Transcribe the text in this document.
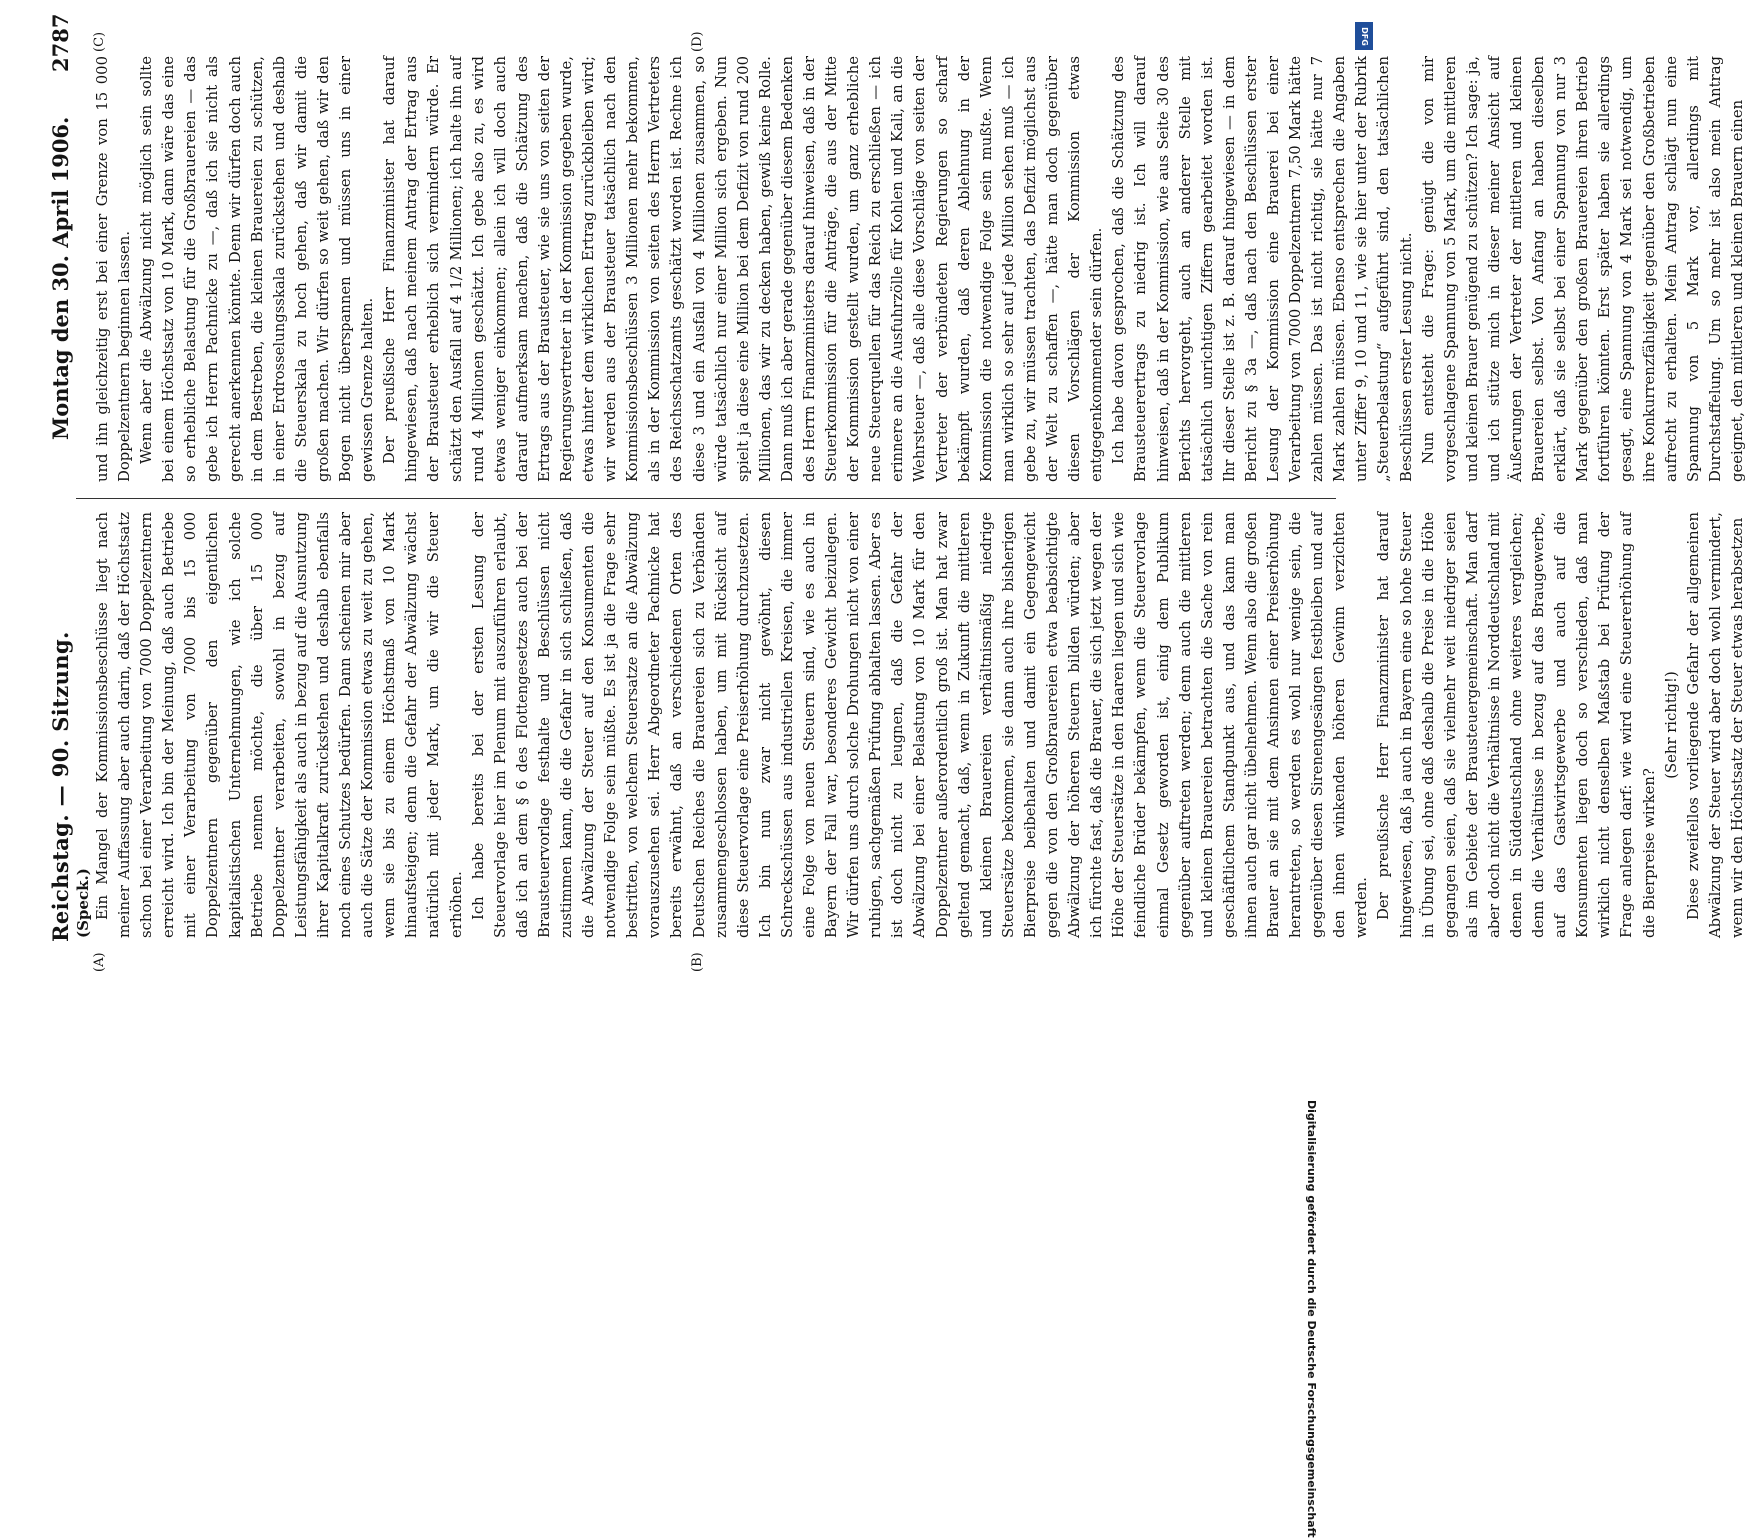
Reichstag. — 90. Sitzung.
Montag den 30. April 1906.
2787
(Speck.)
(A)	(B)
(C)	(D)

Ein Mangel der Kommissionsbeschlüsse liegt nach meiner Auffassung aber auch darin, daß der Höchstsatz schon bei einer Verarbeitung von 7000 Doppelzentnern erreicht wird. Ich bin der Meinung, daß auch Betriebe mit einer Verarbeitung von 7000 bis 15 000 Doppelzentnern gegenüber den eigentlichen kapitalistischen Unternehmungen, wie ich solche Betriebe nennen möchte, die über 15 000 Doppelzentner verarbeiten, sowohl in bezug auf Leistungsfähigkeit als auch in bezug auf die Ausnutzung ihrer Kapitalkraft zurückstehen und deshalb ebenfalls noch eines Schutzes bedürfen. Dann scheinen mir aber auch die Sätze der Kommission etwas zu weit zu gehen, wenn sie bis zu einem Höchstmaß von 10 Mark hinaufsteigen; denn die Gefahr der Abwälzung wächst natürlich mit jeder Mark, um die wir die Steuer erhöhen. Ich habe bereits bei der ersten Lesung der Steuervorlage hier im Plenum mit auszuführen erlaubt, daß ich an dem § 6 des Flottengesetzes auch bei der Brausteuervorlage festhalte und Beschlüssen nicht zustimmen kann, die die Gefahr in sich schließen, daß die Abwälzung der Steuer auf den Konsumenten die notwendige Folge sein müßte. Es ist ja die Frage sehr bestritten, von welchem Steuersatze an die Abwälzung vorauszusehen sei. Herr Abgeordneter Pachnicke hat bereits erwähnt, daß an verschiedenen Orten des Deutschen Reiches die Brauereien sich zu Verbänden zusammengeschlossen haben, um mit Rücksicht auf diese Steuervorlage eine Preiserhöhung durchzusetzen. Ich bin nun zwar nicht gewöhnt, diesen Schreckschüssen aus industriellen Kreisen, die immer eine Folge von neuen Steuern sind, wie es auch in Bayern der Fall war, besonderes Gewicht beizulegen. Wir dürfen uns durch solche Drohungen nicht von einer ruhigen, sachgemäßen Prüfung abhalten lassen. Aber es ist doch nicht zu leugnen, daß die Gefahr der Abwälzung bei einer Belastung von 10 Mark für den Doppelzentner außerordentlich groß ist. Man hat zwar geltend gemacht, daß, wenn in Zukunft die mittleren und kleinen Brauereien verhältnismäßig niedrige Steuersätze bekommen, sie dann auch ihre bisherigen Bierpreise beibehalten und damit ein Gegengewicht gegen die von den Großbrauereien etwa beabsichtigte Abwälzung der höheren Steuern bilden würden; aber ich fürchte fast, daß die Brauer, die sich jetzt wegen der Höhe der Steuersätze in den Haaren liegen und sich wie feindliche Brüder bekämpfen, wenn die Steuervorlage einmal Gesetz geworden ist, einig dem Publikum gegenüber auftreten werden; denn auch die mittleren und kleinen Brauereien betrachten die Sache von rein geschäftlichem Standpunkt aus, und das kann man ihnen auch gar nicht übelnehmen. Wenn also die großen Brauer an sie mit dem Ansinnen einer Preiserhöhung herantreten, so werden es wohl nur wenige sein, die gegenüber diesen Sirenengesängen festbleiben und auf den ihnen winkenden höheren Gewinn verzichten werden. Der preußische Herr Finanzminister hat darauf hingewiesen, daß ja auch in Bayern eine so hohe Steuer in Übung sei, ohne daß deshalb die Preise in die Höhe gegangen seien, daß sie vielmehr weit niedriger seien als im Gebiete der Brausteuergemeinschaft. Man darf aber doch nicht die Verhältnisse in Norddeutschland mit denen in Süddeutschland ohne weiteres vergleichen; denn die Verhältnisse in bezug auf das Braugewerbe, auf das Gastwirtsgewerbe und auch auf die Konsumenten liegen doch so verschieden, daß man wirklich nicht denselben Maßstab bei Prüfung der Frage anlegen darf: wie wird eine Steuererhöhung auf die Bierpreise wirken?

(Sehr richtig!) Diese zweifellos vorliegende Gefahr der allgemeinen Abwälzung der Steuer wird aber doch wohl vermindert, wenn wir den Höchstsatz der Steuer etwas herabsetzen

und ihn gleichzeitig erst bei einer Grenze von 15 000 Doppelzentnern beginnen lassen. Wenn aber die Abwälzung nicht möglich sein sollte bei einem Höchstsatz von 10 Mark, dann wäre das eine so erhebliche Belastung für die Großbrauereien — das gebe ich Herrn Pachnicke zu —, daß ich sie nicht als gerecht anerkennen könnte. Denn wir dürfen doch auch in dem Bestreben, die kleinen Brauereien zu schützen, in einer Erdrosselungsskala zurückstehen und deshalb die Steuerskala zu hoch gehen, daß wir damit die großen machen. Wir dürfen so weit gehen, daß wir den Bogen nicht überspannen und müssen uns in einer gewissen Grenze halten. Der preußische Herr Finanzminister hat darauf hingewiesen, daß nach meinem Antrag der Ertrag aus der Brausteuer erheblich sich vermindern würde. Er schätzt den Ausfall auf 4 1/2 Millionen; ich halte ihn auf rund 4 Millionen geschätzt. Ich gebe also zu, es wird etwas weniger einkommen; allein ich will doch auch darauf aufmerksam machen, daß die Schätzung des Ertrags aus der Brausteuer, wie sie uns von seiten der Regierungsvertreter in der Kommission gegeben wurde, etwas hinter dem wirklichen Ertrag zurückbleiben wird; wir werden aus der Brausteuer tatsächlich nach den Kommissionsbeschlüssen 3 Millionen mehr bekommen, als in der Kommission von seiten des Herrn Vertreters des Reichsschatzamts geschätzt worden ist. Rechne ich diese 3 und ein Ausfall von 4 Millionen zusammen, so würde tatsächlich nur einer Million sich ergeben. Nun spielt ja diese eine Million bei dem Defizit von rund 200 Millionen, das wir zu decken haben, gewiß keine Rolle. Dann muß ich aber gerade gegenüber diesem Bedenken des Herrn Finanzministers darauf hinweisen, daß in der Steuerkommission für die Anträge, die aus der Mitte der Kommission gestellt wurden, um ganz erhebliche neue Steuerquellen für das Reich zu erschließen — ich erinnere an die Ausfuhrzölle für Kohlen und Kali, an die Wehrsteuer —, daß alle diese Vorschläge von seiten der Vertreter der verbündeten Regierungen so scharf bekämpft wurden, daß deren Ablehnung in der Kommission die notwendige Folge sein mußte. Wenn man wirklich so sehr auf jede Million sehen muß — ich gebe zu, wir müssen trachten, das Defizit möglichst aus der Welt zu schaffen —, hätte man doch gegenüber diesen Vorschlägen der Kommission etwas entgegenkommender sein dürfen. Ich habe davon gesprochen, daß die Schätzung des Brausteuerertrags zu niedrig ist. Ich will darauf hinweisen, daß in der Kommission, wie aus Seite 30 des Berichts hervorgeht, auch an anderer Stelle mit tatsächlich unrichtigen Ziffern gearbeitet worden ist. Ihr dieser Stelle ist z. B. darauf hingewiesen — in dem Bericht zu § 3a —, daß nach den Beschlüssen erster Lesung der Kommission eine Brauerei bei einer Verarbeitung von 7000 Doppelzentnern 7,50 Mark hätte zahlen müssen. Das ist nicht richtig, sie hätte nur 7 Mark zahlen müssen. Ebenso entsprechen die Angaben unter Ziffer 9, 10 und 11, wie sie hier unter der Rubrik „Steuerbelastung“ aufgeführt sind, den tatsächlichen Beschlüssen erster Lesung nicht. Nun entsteht die Frage: genügt die von mir vorgeschlagene Spannung von 5 Mark, um die mittleren und kleinen Brauer genügend zu schützen? Ich sage: ja, und ich stütze mich in dieser meiner Ansicht auf Äußerungen der Vertreter der mittleren und kleinen Brauereien selbst. Von Anfang an haben dieselben erklärt, daß sie selbst bei einer Spannung von nur 3 Mark gegenüber den großen Brauereien ihren Betrieb fortführen könnten. Erst später haben sie allerdings gesagt, eine Spannung von 4 Mark sei notwendig, um ihre Konkurrenzfähigkeit gegenüber den Großbetrieben aufrecht zu erhalten. Mein Antrag schlägt nun eine Spannung von 5 Mark vor, allerdings mit Durchstaffelung. Um so mehr ist also mein Antrag geeignet, den mittleren und kleinen Brauern einen

DFG
Digitalisierung gefördert durch die Deutsche Forschungsgemeinschaft
